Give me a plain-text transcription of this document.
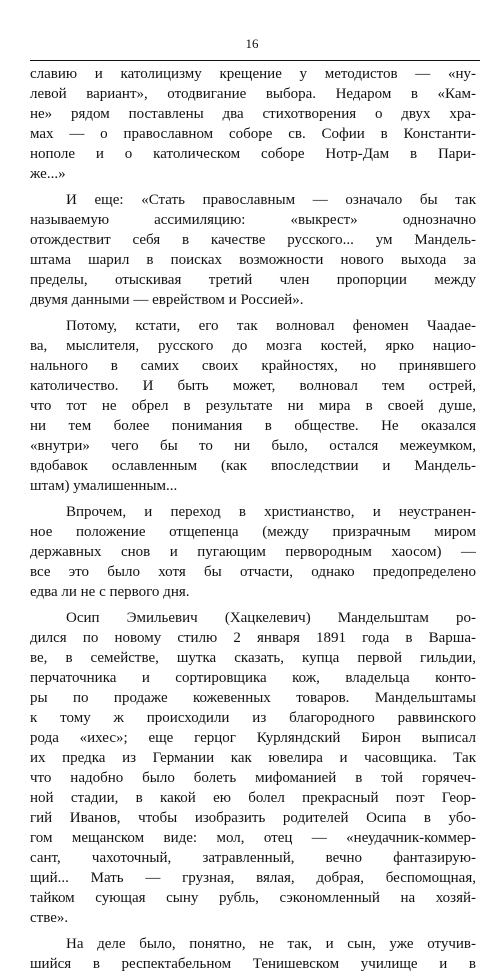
16
славию и католицизму крещение у методистов — «ну-
левой вариант», отодвигание выбора. Недаром в «Кам-
не» рядом поставлены два стихотворения о двух хра-
мах — о православном соборе св. Софии в Константи-
нополе и о католическом соборе Нотр-Дам в Пари-
же...»
И еще: «Стать православным — означало бы так
называемую ассимиляцию: «выкрест» однозначно
отождествит себя в качестве русского... ум Мандель-
штама шарил в поисках возможности нового выхода за
пределы, отыскивая третий член пропорции между
двумя данными — еврейством и Россией».
Потому, кстати, его так волновал феномен Чаадае-
ва, мыслителя, русского до мозга костей, ярко нацио-
нального в самих своих крайностях, но принявшего
католичество. И быть может, волновал тем острей,
что тот не обрел в результате ни мира в своей душе,
ни тем более понимания в обществе. Не оказался
«внутри» чего бы то ни было, остался межеумком,
вдобавок ославленным (как впоследствии и Мандель-
штам) умалишенным...
Впрочем, и переход в христианство, и неустранен-
ное положение отщепенца (между призрачным миром
державных снов и пугающим первородным хаосом) —
все это было хотя бы отчасти, однако предопределено
едва ли не с первого дня.
Осип Эмильевич (Хацкелевич) Мандельштам ро-
дился по новому стилю 2 января 1891 года в Варша-
ве, в семействе, шутка сказать, купца первой гильдии,
перчаточника и сортировщика кож, владельца конто-
ры по продаже кожевенных товаров. Мандельштамы
к тому ж происходили из благородного раввинского
рода «ихес»; еще герцог Курляндский Бирон выписал
их предка из Германии как ювелира и часовщика. Так
что надобно было болеть мифоманией в той горячеч-
ной стадии, в какой ею болел прекрасный поэт Геор-
гий Иванов, чтобы изобразить родителей Осипа в убо-
гом мещанском виде: мол, отец — «неудачник-коммер-
сант, чахоточный, затравленный, вечно фантазирую-
щий... Мать — грузная, вялая, добрая, беспомощная,
тайком сующая сыну рубль, сэкономленный на хозяй-
стве».
На деле было, понятно, не так, и сын, уже отучив-
шийся в респектабельном Тенишевском училище и в
